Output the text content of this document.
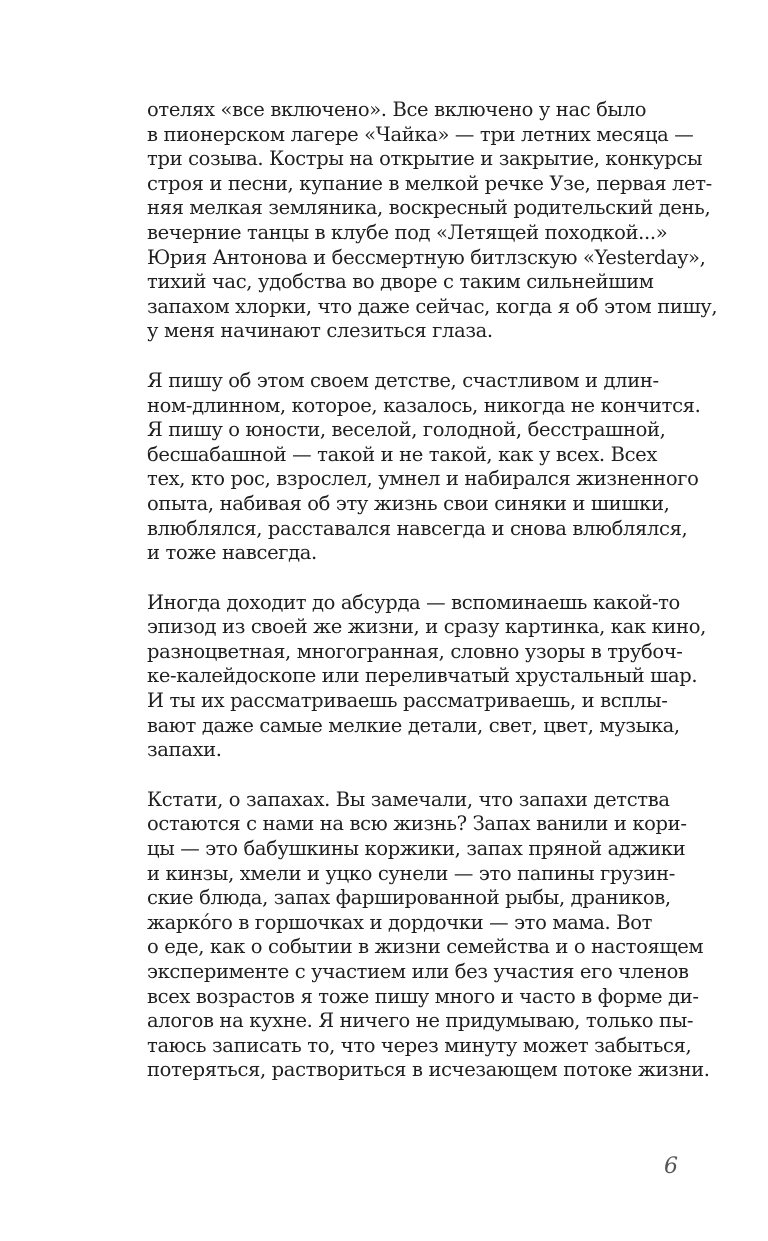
отелях «все включено». Все включено у нас было
в пионерском лагере «Чайка» — три летних месяца —
три созыва. Костры на открытие и закрытие, конкурсы
строя и песни, купание в мелкой речке Узе, первая лет-
няя мелкая земляника, воскресный родительский день,
вечерние танцы в клубе под «Летящей походкой...»
Юрия Антонова и бессмертную битлзскую «Yesterday»,
тихий час, удобства во дворе с таким сильнейшим
запахом хлорки, что даже сейчас, когда я об этом пишу,
у меня начинают слезиться глаза.

Я пишу об этом своем детстве, счастливом и длин-
ном-длинном, которое, казалось, никогда не кончится.
Я пишу о юности, веселой, голодной, бесстрашной,
бесшабашной — такой и не такой, как у всех. Всех
тех, кто рос, взрослел, умнел и набирался жизненного
опыта, набивая об эту жизнь свои синяки и шишки,
влюблялся, расставался навсегда и снова влюблялся,
и тоже навсегда.

Иногда доходит до абсурда — вспоминаешь какой-то
эпизод из своей же жизни, и сразу картинка, как кино,
разноцветная, многогранная, словно узоры в трубоч-
ке-калейдоскопе или переливчатый хрустальный шар.
И ты их рассматриваешь рассматриваешь, и всплы-
вают даже самые мелкие детали, свет, цвет, музыка,
запахи.

Кстати, о запахах. Вы замечали, что запахи детства
остаются с нами на всю жизнь? Запах ванили и кори-
цы — это бабушкины коржики, запах пряной аджики
и кинзы, хмели и уцко сунели — это папины грузин-
ские блюда, запах фаршированной рыбы, драников,
жаркóго в горшочках и дордочки — это мама. Вот
о еде, как о событии в жизни семейства и о настоящем
эксперименте с участием или без участия его членов
всех возрастов я тоже пишу много и часто в форме ди-
алогов на кухне. Я ничего не придумываю, только пы-
таюсь записать то, что через минуту может забыться,
потеряться, раствориться в исчезающем потоке жизни.

6
